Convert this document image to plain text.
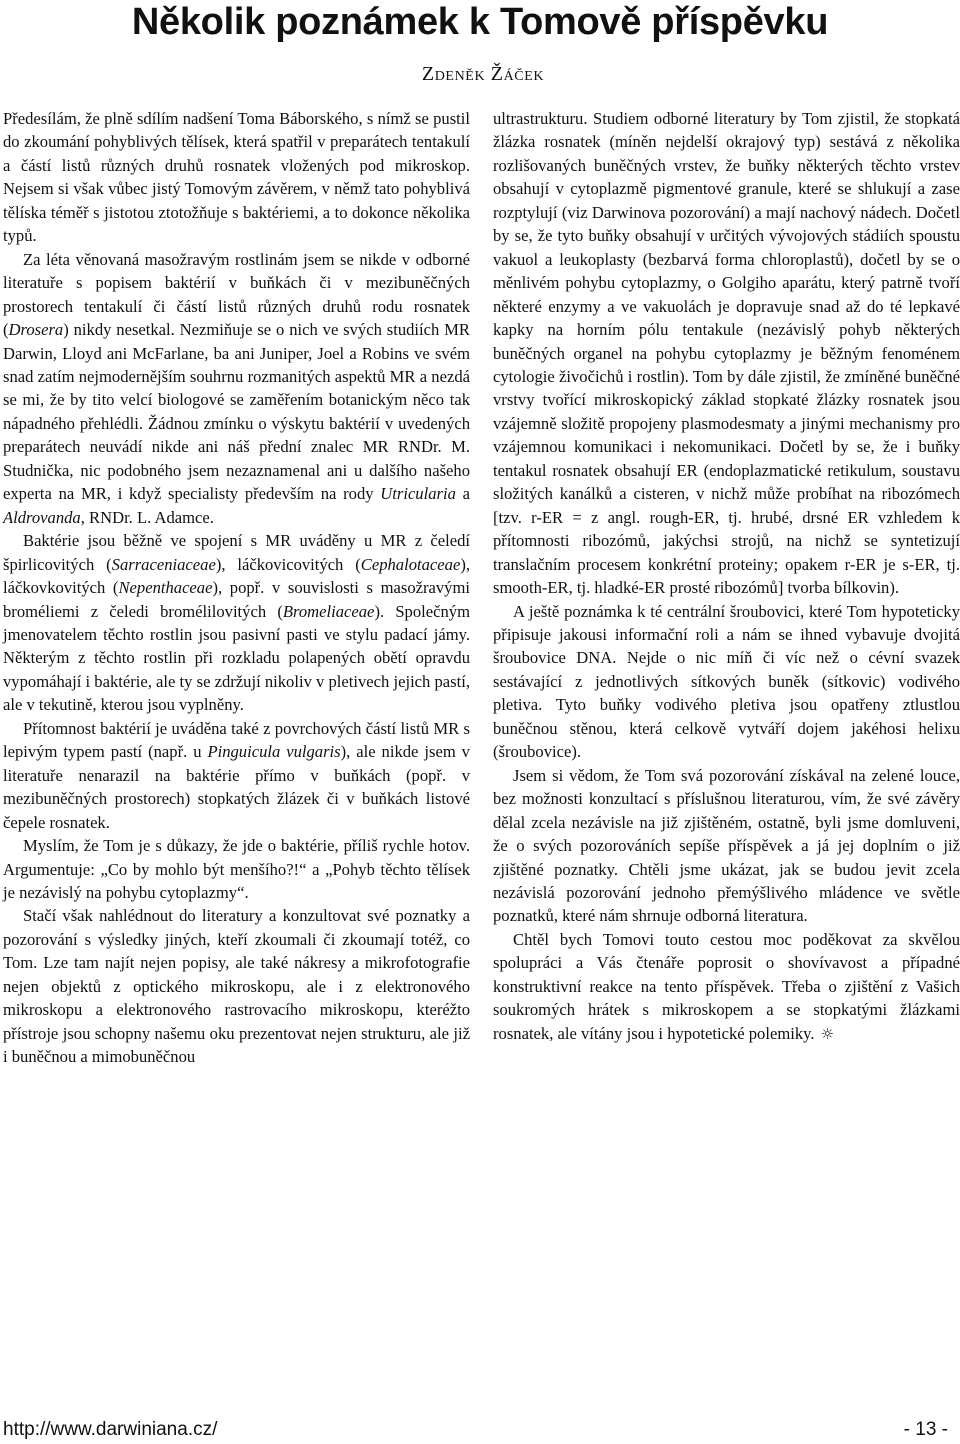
Několik poznámek k Tomově příspěvku
Zdeněk Žáček

Předesílám, že plně sdílím nadšení Toma Báborského, s nímž se pustil do zkoumání pohyblivých tělísek, která spatřil v preparátech tentakulí a částí listů různých druhů rosnatek vložených pod mikroskop. Nejsem si však vůbec jistý Tomovým závěrem, v němž tato pohyblivá tělíska téměř s jistotou ztotožňuje s baktériemi, a to dokonce několika typů.

Za léta věnovaná masožravým rostlinám jsem se nikde v odborné literatuře s popisem baktérií v buňkách či v mezibuněčných prostorech tentakulí či částí listů různých druhů rodu rosnatek (Drosera) nikdy nesetkal. Nezmiňuje se o nich ve svých studiích MR Darwin, Lloyd ani McFarlane, ba ani Juniper, Joel a Robins ve svém snad zatím nejmodernějším souhrnu rozmanitých aspektů MR a nezdá se mi, že by tito velcí biologové se zaměřením botanickým něco tak nápadného přehlédli. Žádnou zmínku o výskytu baktérií v uvedených preparátech neuvádí nikde ani náš přední znalec MR RNDr. M. Studnička, nic podobného jsem nezaznamenal ani u dalšího našeho experta na MR, i když specialisty především na rody Utricularia a Aldrovanda, RNDr. L. Adamce.

Baktérie jsou běžně ve spojení s MR uváděny u MR z čeledí špirlicovitých (Sarraceniaceae), láčkovicovitých (Cephalotaceae), láčkovkovitých (Nepenthaceae), popř. v souvislosti s masožravými broméliemi z čeledi bromélilovitých (Bromeliaceae). Společným jmenovatelem těchto rostlin jsou pasivní pasti ve stylu padací jámy. Některým z těchto rostlin při rozkladu polapených obětí opravdu vypomáhají i baktérie, ale ty se zdržují nikoliv v pletivech jejich pastí, ale v tekutině, kterou jsou vyplněny.

Přítomnost baktérií je uváděna také z povrchových částí listů MR s lepivým typem pastí (např. u Pinguicula vulgaris), ale nikde jsem v literatuře nenarazil na baktérie přímo v buňkách (popř. v mezibuněčných prostorech) stopkatých žlázek či v buňkách listové čepele rosnatek.

Myslím, že Tom je s důkazy, že jde o baktérie, příliš rychle hotov. Argumentuje: „Co by mohlo být menšího?!“ a „Pohyb těchto tělísek je nezávislý na pohybu cytoplazmy“.

Stačí však nahlédnout do literatury a konzultovat své poznatky a pozorování s výsledky jiných, kteří zkoumali či zkoumají totéž, co Tom. Lze tam najít nejen popisy, ale také nákresy a mikrofotografie nejen objektů z optického mikroskopu, ale i z elektronového mikroskopu a elektronového rastrovacího mikroskopu, kteréžto přístroje jsou schopny našemu oku prezentovat nejen strukturu, ale již i buněčnou a mimobuněčnou

ultrastrukturu. Studiem odborné literatury by Tom zjistil, že stopkatá žlázka rosnatek (míněn nejdelší okrajový typ) sestává z několika rozlišovaných buněčných vrstev, že buňky některých těchto vrstev obsahují v cytoplazmě pigmentové granule, které se shlukují a zase rozptylují (viz Darwinova pozorování) a mají nachový nádech. Dočetl by se, že tyto buňky obsahují v určitých vývojových stádiích spoustu vakuol a leukoplasty (bezbarvá forma chloroplastů), dočetl by se o měnlivém pohybu cytoplazmy, o Golgiho aparátu, který patrně tvoří některé enzymy a ve vakuolách je dopravuje snad až do té lepkavé kapky na horním pólu tentakule (nezávislý pohyb některých buněčných organel na pohybu cytoplazmy je běžným fenoménem cytologie živočichů i rostlin). Tom by dále zjistil, že zmíněné buněčné vrstvy tvořící mikroskopický základ stopkaté žlázky rosnatek jsou vzájemně složitě propojeny plasmodesmaty a jinými mechanismy pro vzájemnou komunikaci i nekomunikaci. Dočetl by se, že i buňky tentakul rosnatek obsahují ER (endoplazmatické retikulum, soustavu složitých kanálků a cisteren, v nichž může probíhat na ribozómech [tzv. r-ER = z angl. rough-ER, tj. hrubé, drsné ER vzhledem k přítomnosti ribozómů, jakýchsi strojů, na nichž se syntetizují translačním procesem konkrétní proteiny; opakem r-ER je s-ER, tj. smooth-ER, tj. hladké-ER prosté ribozómů] tvorba bílkovin).

A ještě poznámka k té centrální šroubovici, které Tom hypoteticky připisuje jakousi informační roli a nám se ihned vybavuje dvojitá šroubovice DNA. Nejde o nic míň či víc než o cévní svazek sestávající z jednotlivých sítkových buněk (sítkovic) vodivého pletiva. Tyto buňky vodivého pletiva jsou opatřeny ztlustlou buněčnou stěnou, která celkově vytváří dojem jakéhosi helixu (šroubovice).

Jsem si vědom, že Tom svá pozorování získával na zelené louce, bez možnosti konzultací s příslušnou literaturou, vím, že své závěry dělal zcela nezávisle na již zjištěném, ostatně, byli jsme domluveni, že o svých pozorováních sepíše příspěvek a já jej doplním o již zjištěné poznatky. Chtěli jsme ukázat, jak se budou jevit zcela nezávislá pozorování jednoho přemýšlivého mládence ve světle poznatků, které nám shrnuje odborná literatura.

Chtěl bych Tomovi touto cestou moc poděkovat za skvělou spolupráci a Vás čtenáře poprosit o shovívavost a případné konstruktivní reakce na tento příspěvek. Třeba o zjištění z Vašich soukromých hrátek s mikroskopem a se stopkatými žlázkami rosnatek, ale vítány jsou i hypotetické polemiky. ☼

http://www.darwiniana.cz/	- 13 -
